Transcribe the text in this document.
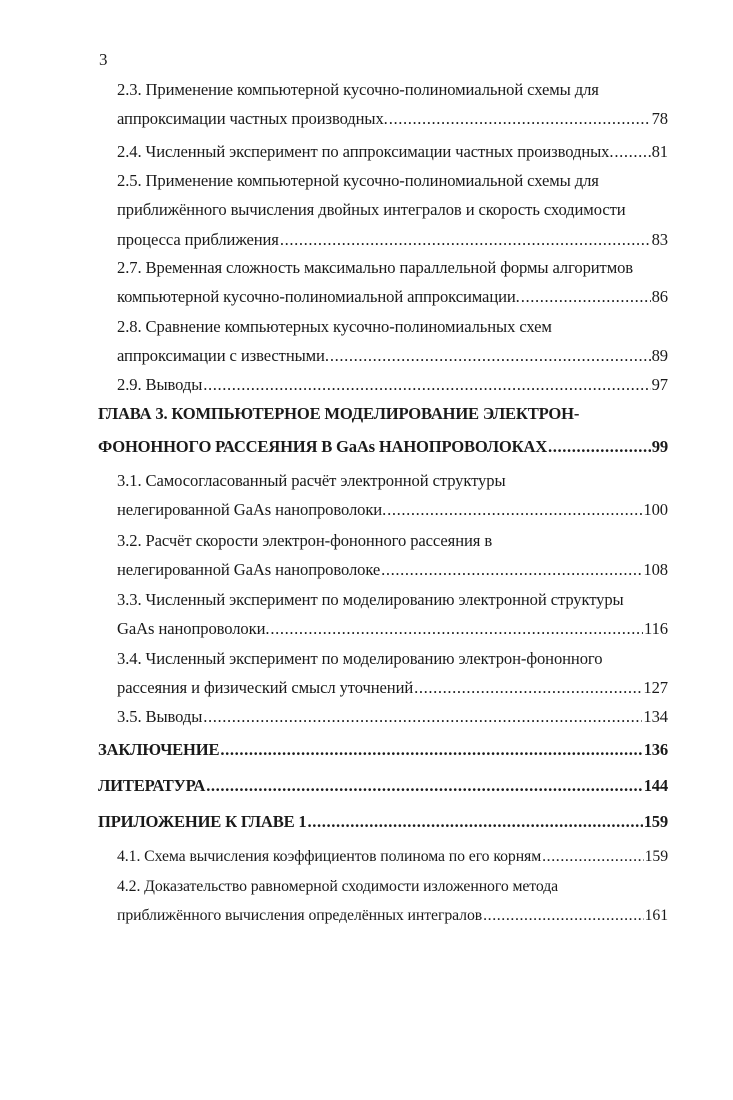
3
2.3. Применение компьютерной кусочно-полиномиальной схемы для
аппроксимации частных производных. .....	78
2.4. Численный эксперимент по аппроксимации частных производных. ..... 81
2.5. Применение компьютерной кусочно-полиномиальной схемы для
приближённого вычисления двойных интегралов и скорость сходимости
процесса приближения .....	83
2.7. Временная сложность максимально параллельной формы алгоритмов
компьютерной кусочно-полиномиальной аппроксимации. .....	86
2.8. Сравнение компьютерных кусочно-полиномиальных схем
аппроксимации с известными. .....	89
2.9. Выводы .....	97
ГЛАВА 3. КОМПЬЮТЕРНОЕ МОДЕЛИРОВАНИЕ ЭЛЕКТРОН-
ФОНОННОГО РАССЕЯНИЯ В GaAs НАНОПРОВОЛОКАХ .....	99
3.1. Самосогласованный расчёт электронной структуры
нелегированной GaAs нанопроволоки. .....	100
3.2. Расчёт скорости электрон-фононного рассеяния в
нелегированной GaAs нанопроволоке .....	108
3.3. Численный эксперимент по моделированию электронной структуры
GaAs нанопроволоки. .....	116
3.4. Численный эксперимент по моделированию электрон-фононного
рассеяния и физический смысл уточнений .....	127
3.5. Выводы .....	134
ЗАКЛЮЧЕНИЕ .....	136
ЛИТЕРАТУРА .....	144
ПРИЛОЖЕНИЕ К ГЛАВЕ 1 .....	159
4.1. Схема вычисления коэффициентов полинома по его корням .....	159
4.2. Доказательство равномерной сходимости изложенного метода
приближённого вычисления определённых интегралов .....	161
